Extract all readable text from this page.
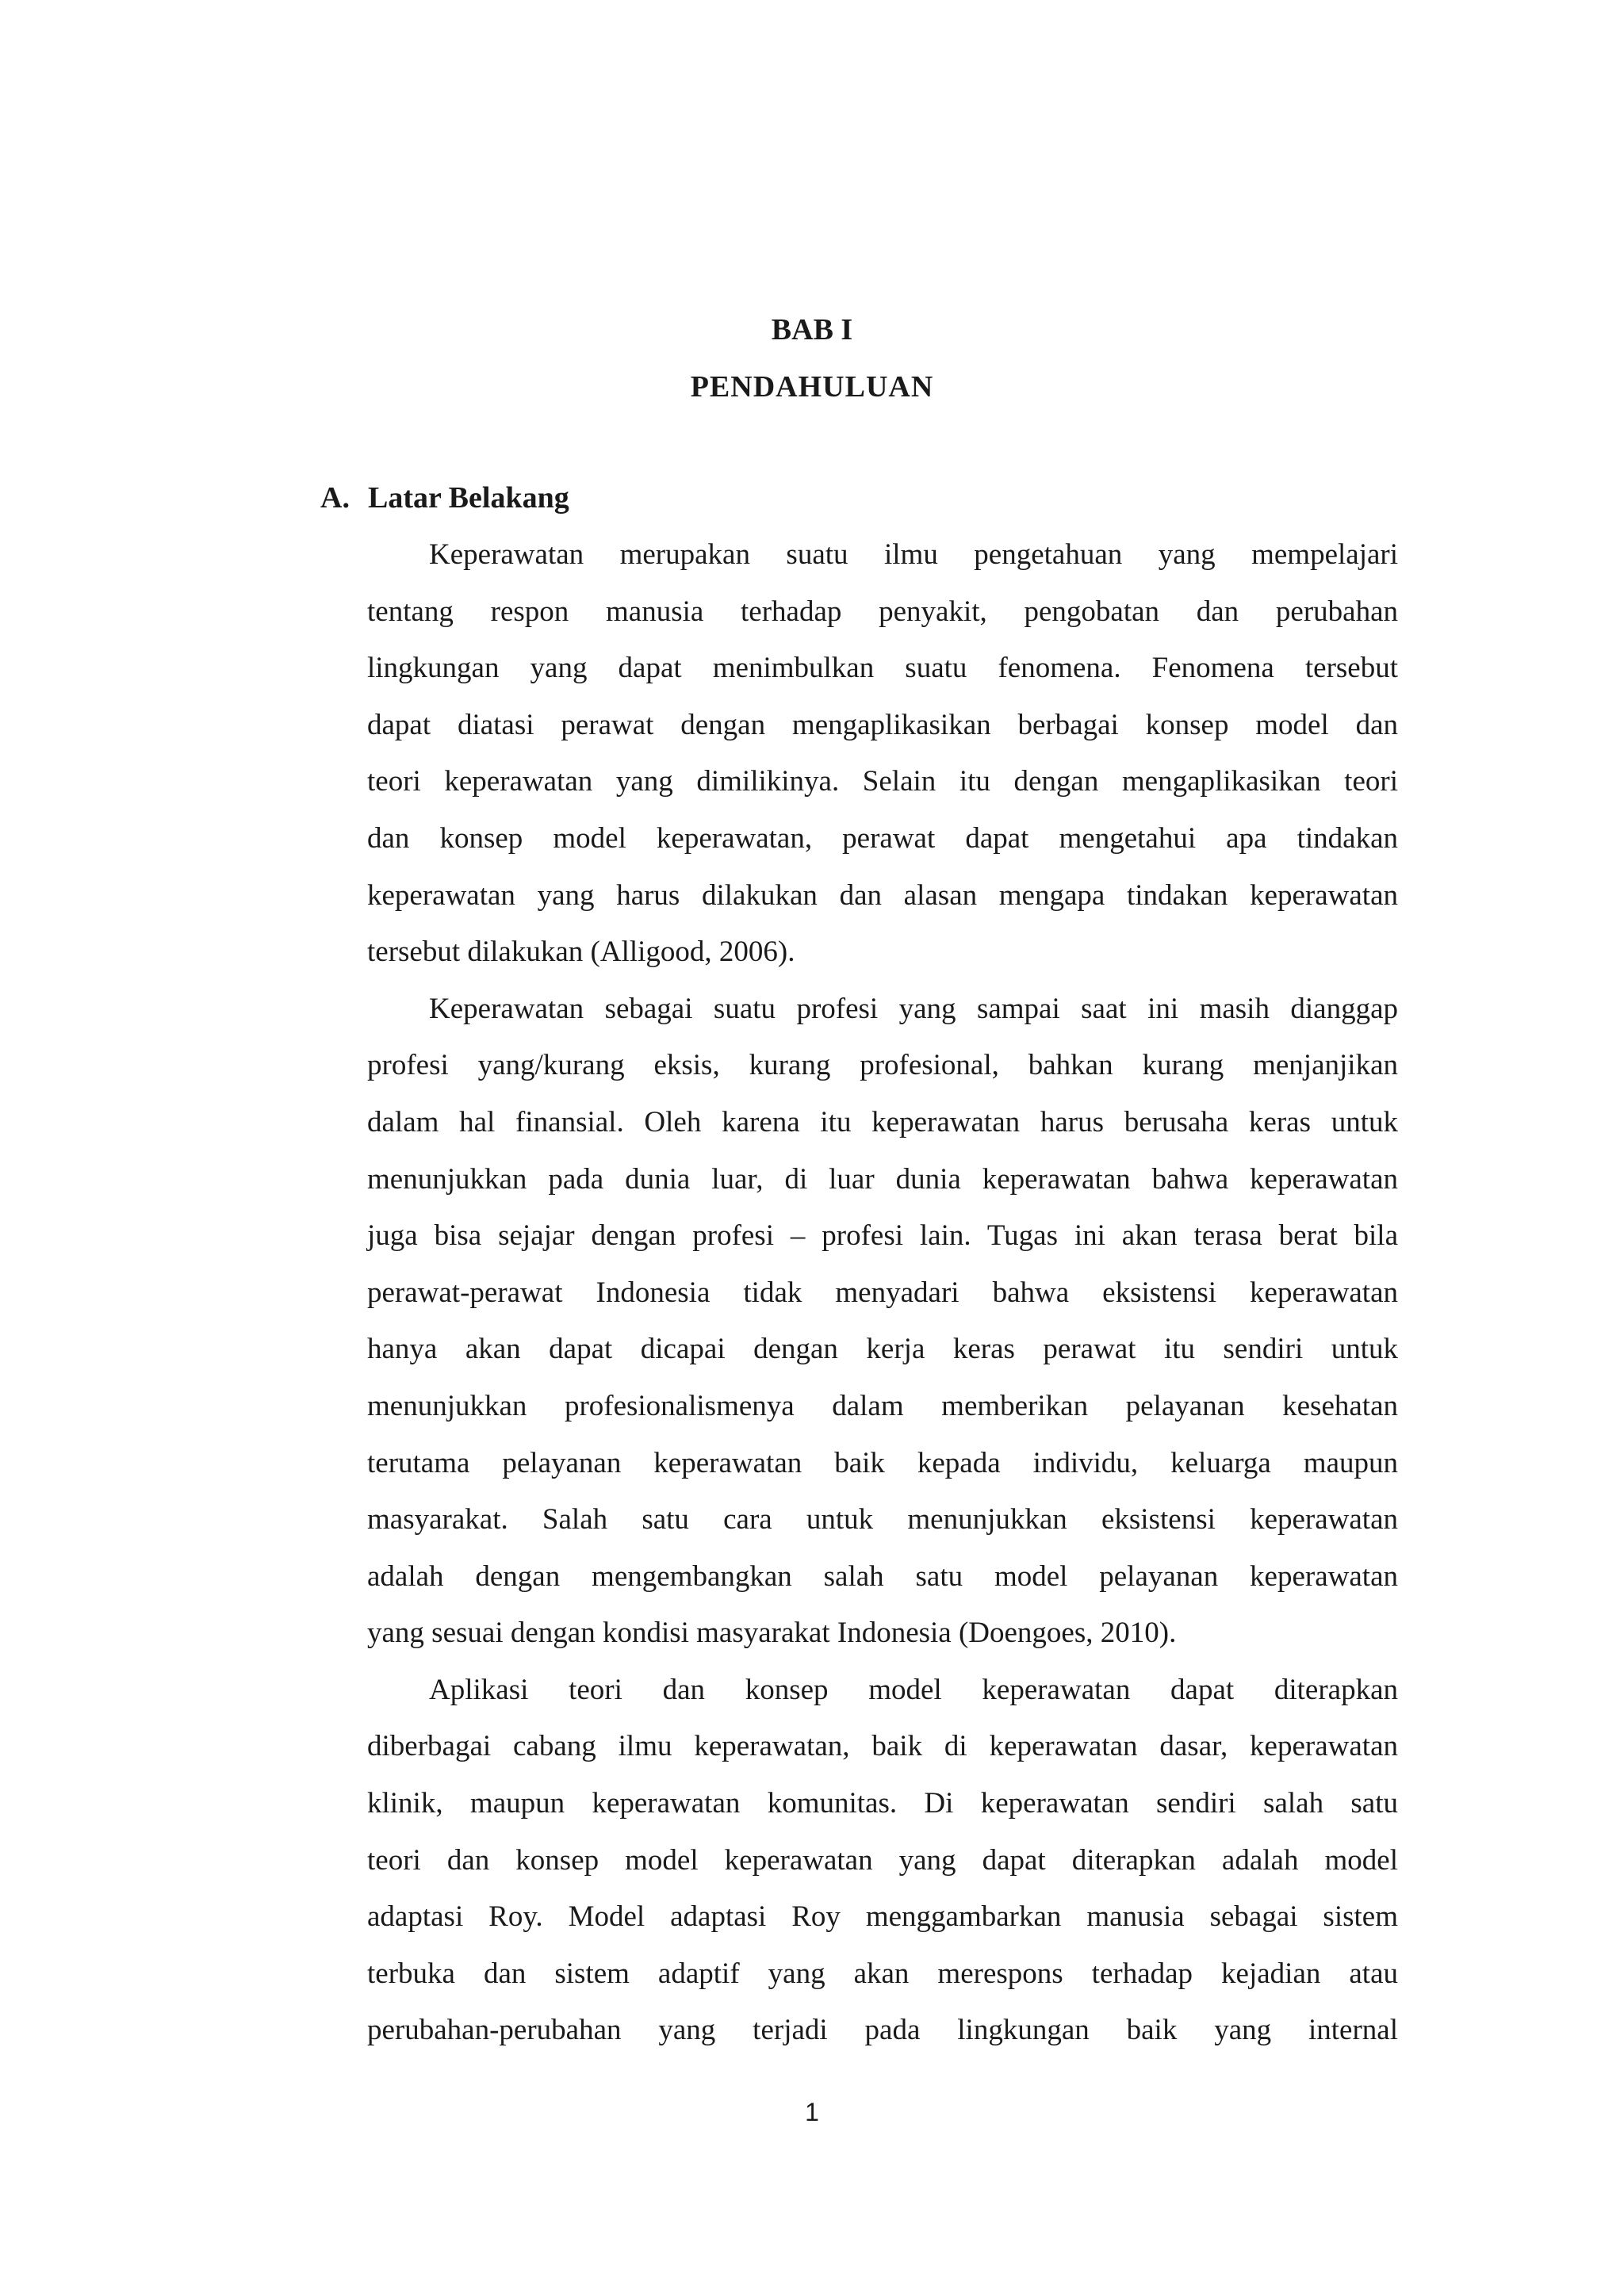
BAB I
PENDAHULUAN
A. Latar Belakang
Keperawatan merupakan suatu ilmu pengetahuan yang mempelajari
tentang respon manusia terhadap penyakit, pengobatan dan perubahan
lingkungan yang dapat menimbulkan suatu fenomena. Fenomena tersebut
dapat diatasi perawat dengan mengaplikasikan berbagai konsep model dan
teori keperawatan yang dimilikinya. Selain itu dengan mengaplikasikan teori
dan konsep model keperawatan, perawat dapat mengetahui apa tindakan
keperawatan yang harus dilakukan dan alasan mengapa tindakan keperawatan
tersebut dilakukan (Alligood, 2006).
Keperawatan sebagai suatu profesi yang sampai saat ini masih dianggap
profesi yang/kurang eksis, kurang profesional, bahkan kurang menjanjikan
dalam hal finansial. Oleh karena itu keperawatan harus berusaha keras untuk
menunjukkan pada dunia luar, di luar dunia keperawatan bahwa keperawatan
juga bisa sejajar dengan profesi – profesi lain. Tugas ini akan terasa berat bila
perawat-perawat Indonesia tidak menyadari bahwa eksistensi keperawatan
hanya akan dapat dicapai dengan kerja keras perawat itu sendiri untuk
menunjukkan profesionalismenya dalam memberikan pelayanan kesehatan
terutama pelayanan keperawatan baik kepada individu, keluarga maupun
masyarakat. Salah satu cara untuk menunjukkan eksistensi keperawatan
adalah dengan mengembangkan salah satu model pelayanan keperawatan
yang sesuai dengan kondisi masyarakat Indonesia (Doengoes, 2010).
Aplikasi teori dan konsep model keperawatan dapat diterapkan
diberbagai cabang ilmu keperawatan, baik di keperawatan dasar, keperawatan
klinik, maupun keperawatan komunitas. Di keperawatan sendiri salah satu
teori dan konsep model keperawatan yang dapat diterapkan adalah model
adaptasi Roy. Model adaptasi Roy menggambarkan manusia sebagai sistem
terbuka dan sistem adaptif yang akan merespons terhadap kejadian atau
perubahan-perubahan yang terjadi pada lingkungan baik yang internal
1
